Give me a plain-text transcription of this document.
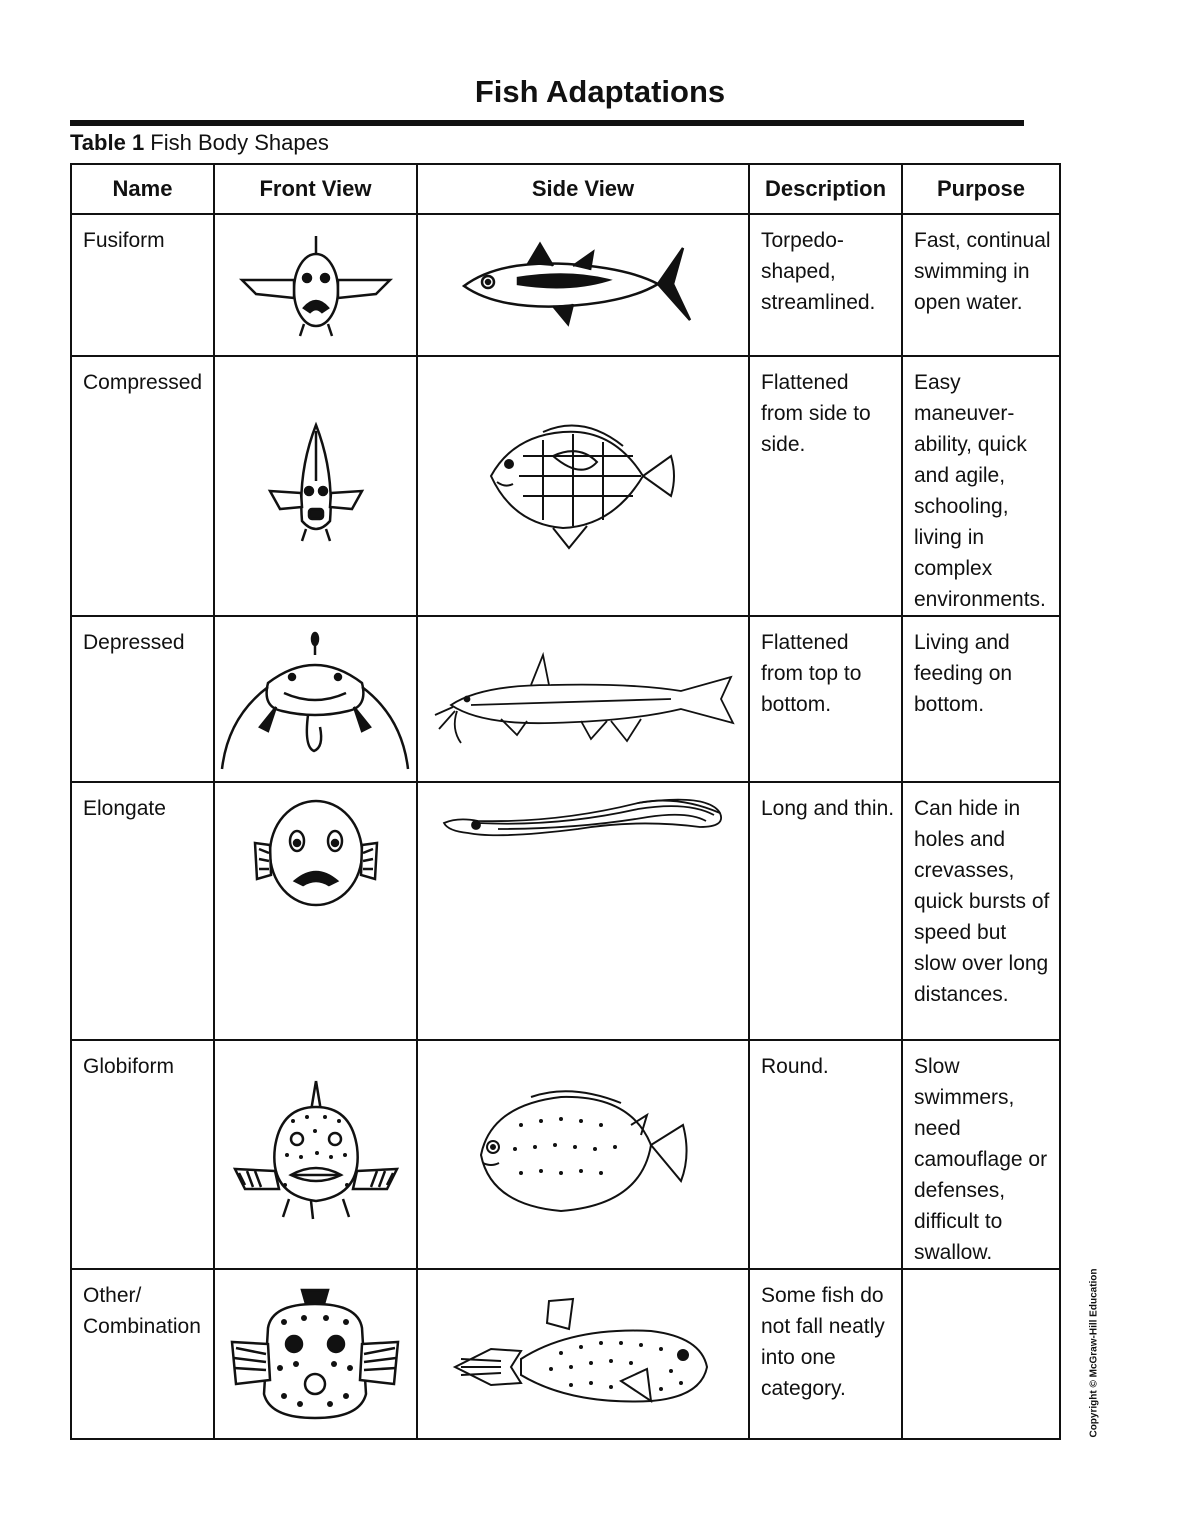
Fish Adaptations
Table 1 Fish Body Shapes
Name	Front View	Side View	Description	Purpose
Fusiform			Torpedo-shaped, streamlined.	Fast, continual swimming in open water.
Compressed			Flattened from side to side.	Easy maneuver-ability, quick and agile, schooling, living in complex environments.
Depressed			Flattened from top to bottom.	Living and feeding on bottom.
Elongate			Long and thin.	Can hide in holes and crevasses, quick bursts of speed but slow over long distances.
Globiform			Round.	Slow swimmers, need camouflage or defenses, difficult to swallow.
Other/ Combination			Some fish do not fall neatly into one category.		Copyright © McGraw-Hill Education
